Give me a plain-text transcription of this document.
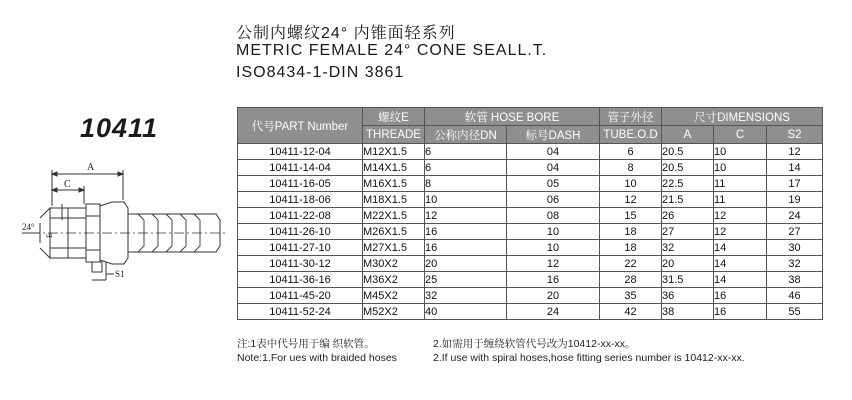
公制内螺纹24° 内锥面轻系列

METRIC FEMALE 24° CONE SEALL.T.

ISO8434-1-DIN 3861

10411
A
C
24°
E
S1
代号PART Number	螺纹E	软管 HOSE BORE		管子外径	尺寸DIMENSIONS		
	THREADE	公称内径DN	标号DASH	TUBE.O.D	A	C	S2
10411-12-04	M12X1.5	6	04	6	20.5	10	12
10411-14-04	M14X1.5	6	04	8	20.5	10	14
10411-16-05	M16X1.5	8	05	10	22.5	11	17
10411-18-06	M18X1.5	10	06	12	21.5	11	19
10411-22-08	M22X1.5	12	08	15	26	12	24
10411-26-10	M26X1.5	16	10	18	27	12	27
10411-27-10	M27X1.5	16	10	18	32	14	30
10411-30-12	M30X2	20	12	22	20	14	32
10411-36-16	M36X2	25	16	28	31.5	14	38
10411-45-20	M45X2	32	20	35	36	16	46
10411-52-24	M52X2	40	24	42	38	16	55
注:1表中代号用于编 织软管。	2.如需用于缠绕软管代号改为10412-xx-xx。
Note:1.For ues with braided hoses	2.If use with spiral hoses,hose fitting series number is 10412-xx-xx.
